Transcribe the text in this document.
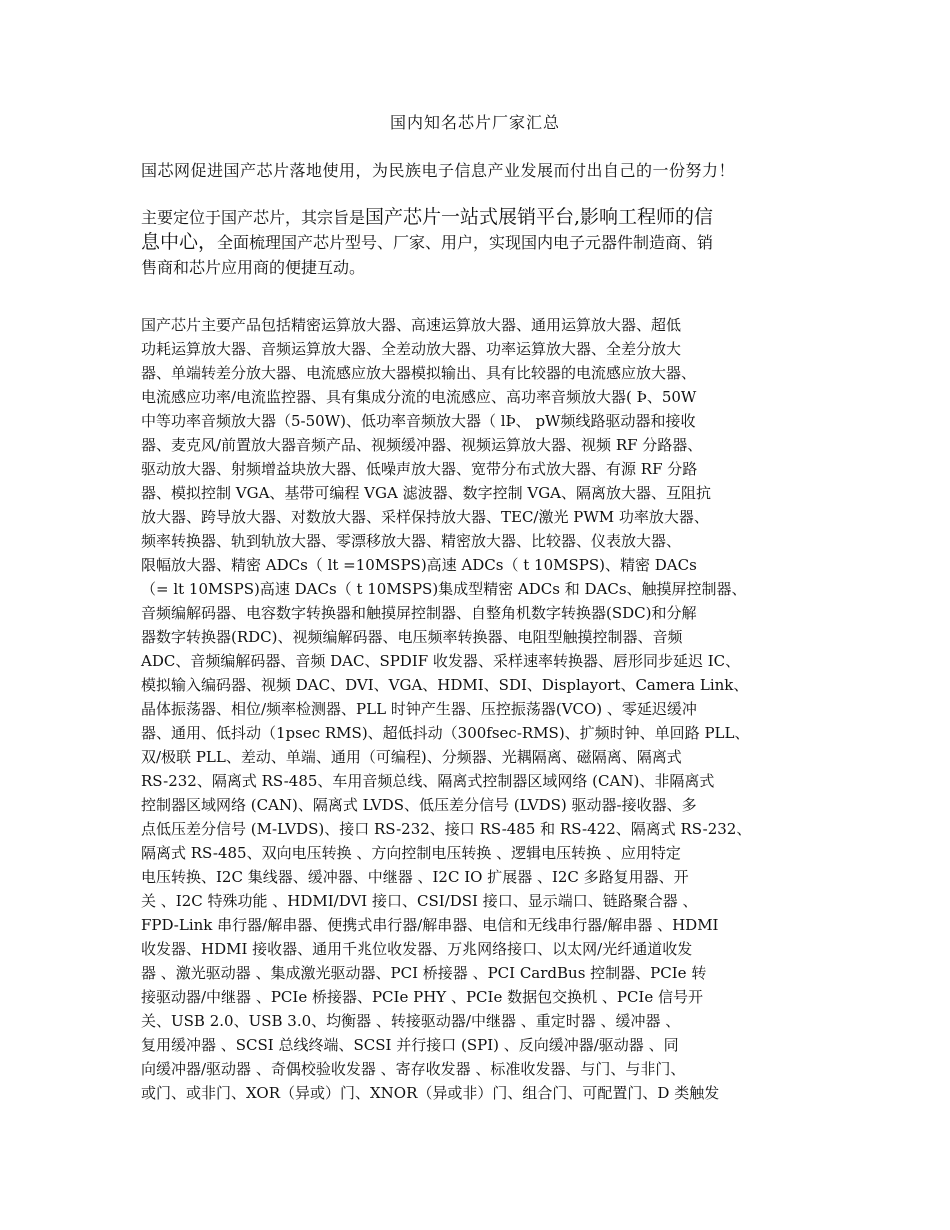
国内知名芯片厂家汇总
国芯网促进国产芯片落地使用，为民族电子信息产业发展而付出自己的一份努力！
主要定位于国产芯片，其宗旨是国产芯片一站式展销平台,影响工程师的信
息中心，全面梳理国产芯片型号、厂家、用户，实现国内电子元器件制造商、销
售商和芯片应用商的便捷互动。
国产芯片主要产品包括精密运算放大器、高速运算放大器、通用运算放大器、超低
功耗运算放大器、音频运算放大器、全差动放大器、功率运算放大器、全差分放大
器、单端转差分放大器、电流感应放大器模拟输出、具有比较器的电流感应放大器、
电流感应功率/电流监控器、具有集成分流的电流感应、高功率音频放大器( Þ、50W
中等功率音频放大器（5-50W)、低功率音频放大器（ lÞ、 рW频线路驱动器和接收
器、麦克风/前置放大器音频产品、视频缓冲器、视频运算放大器、视频 RF 分路器、
驱动放大器、射频增益块放大器、低噪声放大器、宽带分布式放大器、有源 RF 分路
器、模拟控制 VGA、基带可编程 VGA 滤波器、数字控制 VGA、隔离放大器、互阻抗
放大器、跨导放大器、对数放大器、采样保持放大器、TEC/激光 PWM 功率放大器、
频率转换器、轨到轨放大器、零漂移放大器、精密放大器、比较器、仪表放大器、
限幅放大器、精密 ADCs（ lt =10MSPS)高速 ADCs（ t 10MSPS)、精密 DACs
（= lt 10MSPS)高速 DACs（ t 10MSPS)集成型精密 ADCs 和 DACs、触摸屏控制器、
音频编解码器、电容数字转换器和触摸屏控制器、自整角机数字转换器(SDC)和分解
器数字转换器(RDC)、视频编解码器、电压频率转换器、电阻型触摸控制器、音频
ADC、音频编解码器、音频 DAC、SPDIF 收发器、采样速率转换器、唇形同步延迟 IC、
模拟输入编码器、视频 DAC、DVI、VGA、HDMI、SDI、Displayort、Camera Link、
晶体振荡器、相位/频率检测器、PLL 时钟产生器、压控振荡器(VCO) 、零延迟缓冲
器、通用、低抖动（1psec RMS)、超低抖动（300fsec-RMS)、扩频时钟、单回路 PLL、
双/极联 PLL、差动、单端、通用（可编程)、分频器、光耦隔离、磁隔离、隔离式
RS-232、隔离式 RS-485、车用音频总线、隔离式控制器区域网络 (CAN)、非隔离式
控制器区域网络 (CAN)、隔离式 LVDS、低压差分信号 (LVDS) 驱动器-接收器、多
点低压差分信号 (M-LVDS)、接口 RS-232、接口 RS-485 和 RS-422、隔离式 RS-232、
隔离式 RS-485、双向电压转换 、方向控制电压转换 、逻辑电压转换 、应用特定
电压转换、I2C 集线器、缓冲器、中继器 、I2C IO 扩展器 、I2C 多路复用器、开
关 、I2C 特殊功能 、HDMI/DVI 接口、CSI/DSI 接口、显示端口、链路聚合器 、
FPD-Link 串行器/解串器、便携式串行器/解串器、电信和无线串行器/解串器 、HDMI
收发器、HDMI 接收器、通用千兆位收发器、万兆网络接口、以太网/光纤通道收发
器 、激光驱动器 、集成激光驱动器、PCI 桥接器 、PCI CardBus 控制器、PCIe 转
接驱动器/中继器 、PCIe 桥接器、PCIe PHY 、PCIe 数据包交换机 、PCIe 信号开
关、USB 2.0、USB 3.0、均衡器 、转接驱动器/中继器 、重定时器 、缓冲器 、
复用缓冲器 、SCSI 总线终端、SCSI 并行接口 (SPI) 、反向缓冲器/驱动器 、同
向缓冲器/驱动器 、奇偶校验收发器 、寄存收发器 、标准收发器、与门、与非门、
或门、或非门、XOR（异或）门、XNOR（异或非）门、组合门、可配置门、D 类触发
